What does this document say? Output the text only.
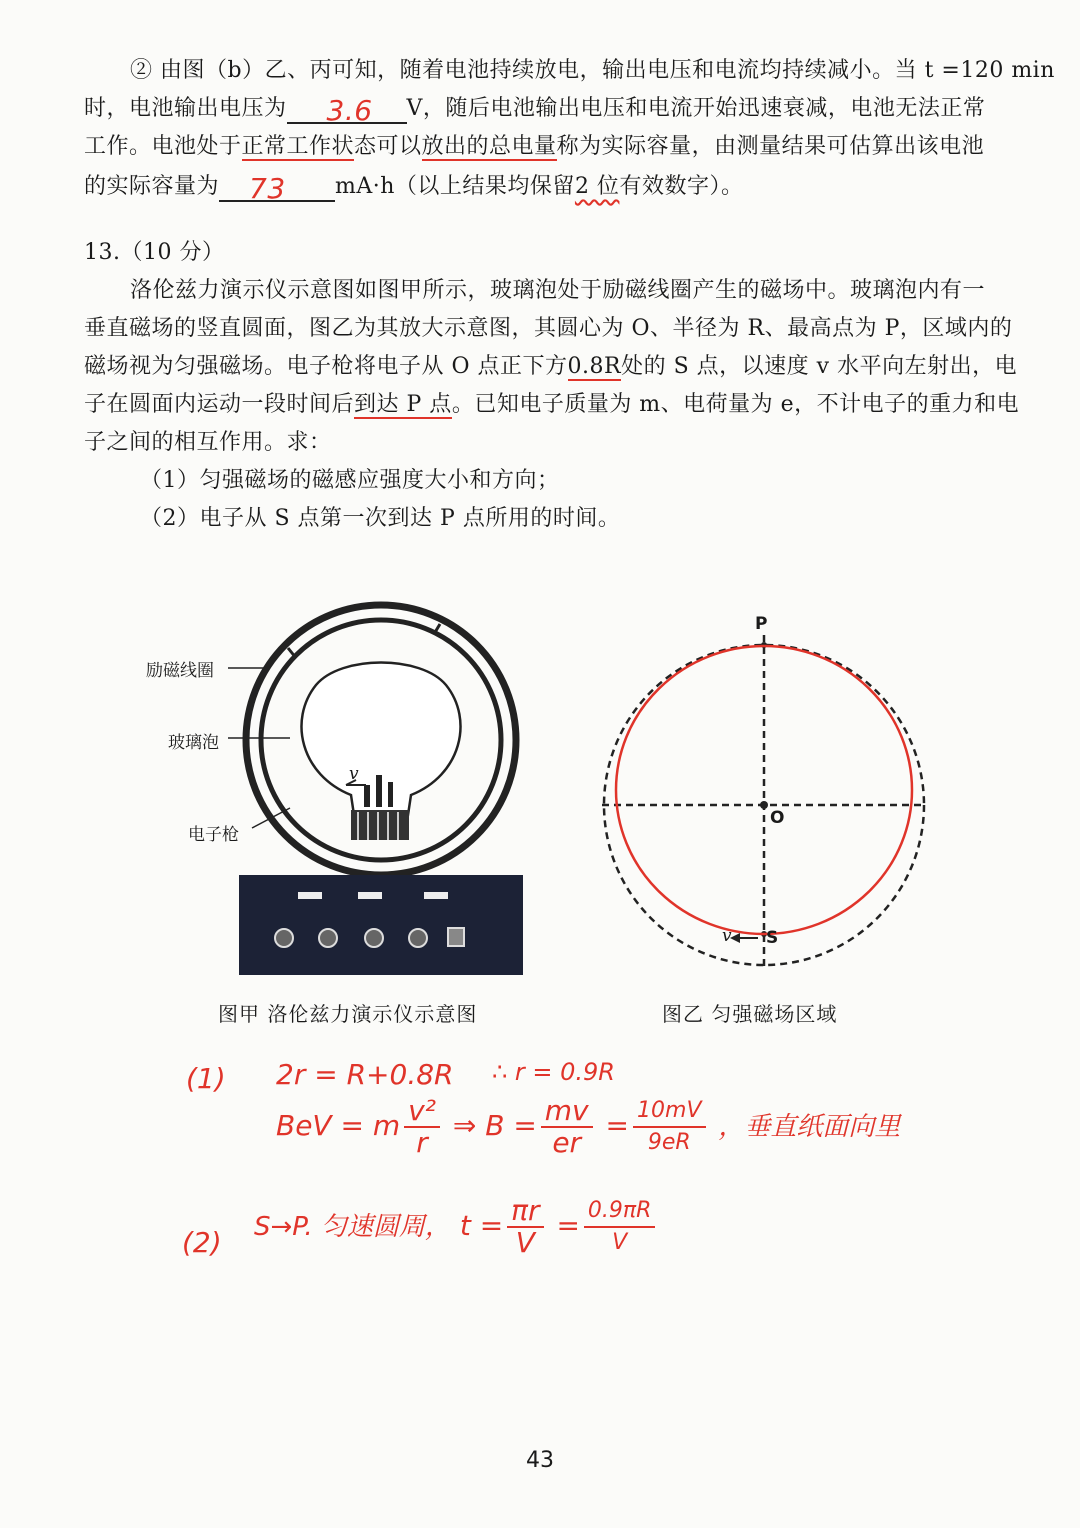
② 由图（b）乙、丙可知，随着电池持续放电，输出电压和电流均持续减小。当 t =120 min
时，电池输出电压为 3.6 V，随后电池输出电压和电流开始迅速衰减，电池无法正常
工作。电池处于正常工作状态可以放出的总电量称为实际容量，由测量结果可估算出该电池
的实际容量为 73 mA·h（以上结果均保留2 位有效数字）。
13.（10 分）
洛伦兹力演示仪示意图如图甲所示，玻璃泡处于励磁线圈产生的磁场中。玻璃泡内有一
垂直磁场的竖直圆面，图乙为其放大示意图，其圆心为 O、半径为 R、最高点为 P，区域内的
磁场视为匀强磁场。电子枪将电子从 O 点正下方0.8R处的 S 点，以速度 v 水平向左射出，电
子在圆面内运动一段时间后到达 P 点。已知电子质量为 m、电荷量为 e，不计电子的重力和电
子之间的相互作用。求：
（1）匀强磁场的磁感应强度大小和方向；
（2）电子从 S 点第一次到达 P 点所用的时间。
励磁线圈
玻璃泡
电子枪
v
图甲 洛伦兹力演示仪示意图
P
O
S
v
图乙 匀强磁场区域
(1) 2r = R+0.8R ∴ r = 0.9R
BeV = m $\frac{\text{v²}}{r}$ ⇒ $B = \frac{mv}{er} = \frac{10mV}{9eR}$ ，垂直纸面向里
(2) S→P. 匀速圆周， $t = \frac{\pi r}{V} = \frac{0.9\pi R}{V}$
43
